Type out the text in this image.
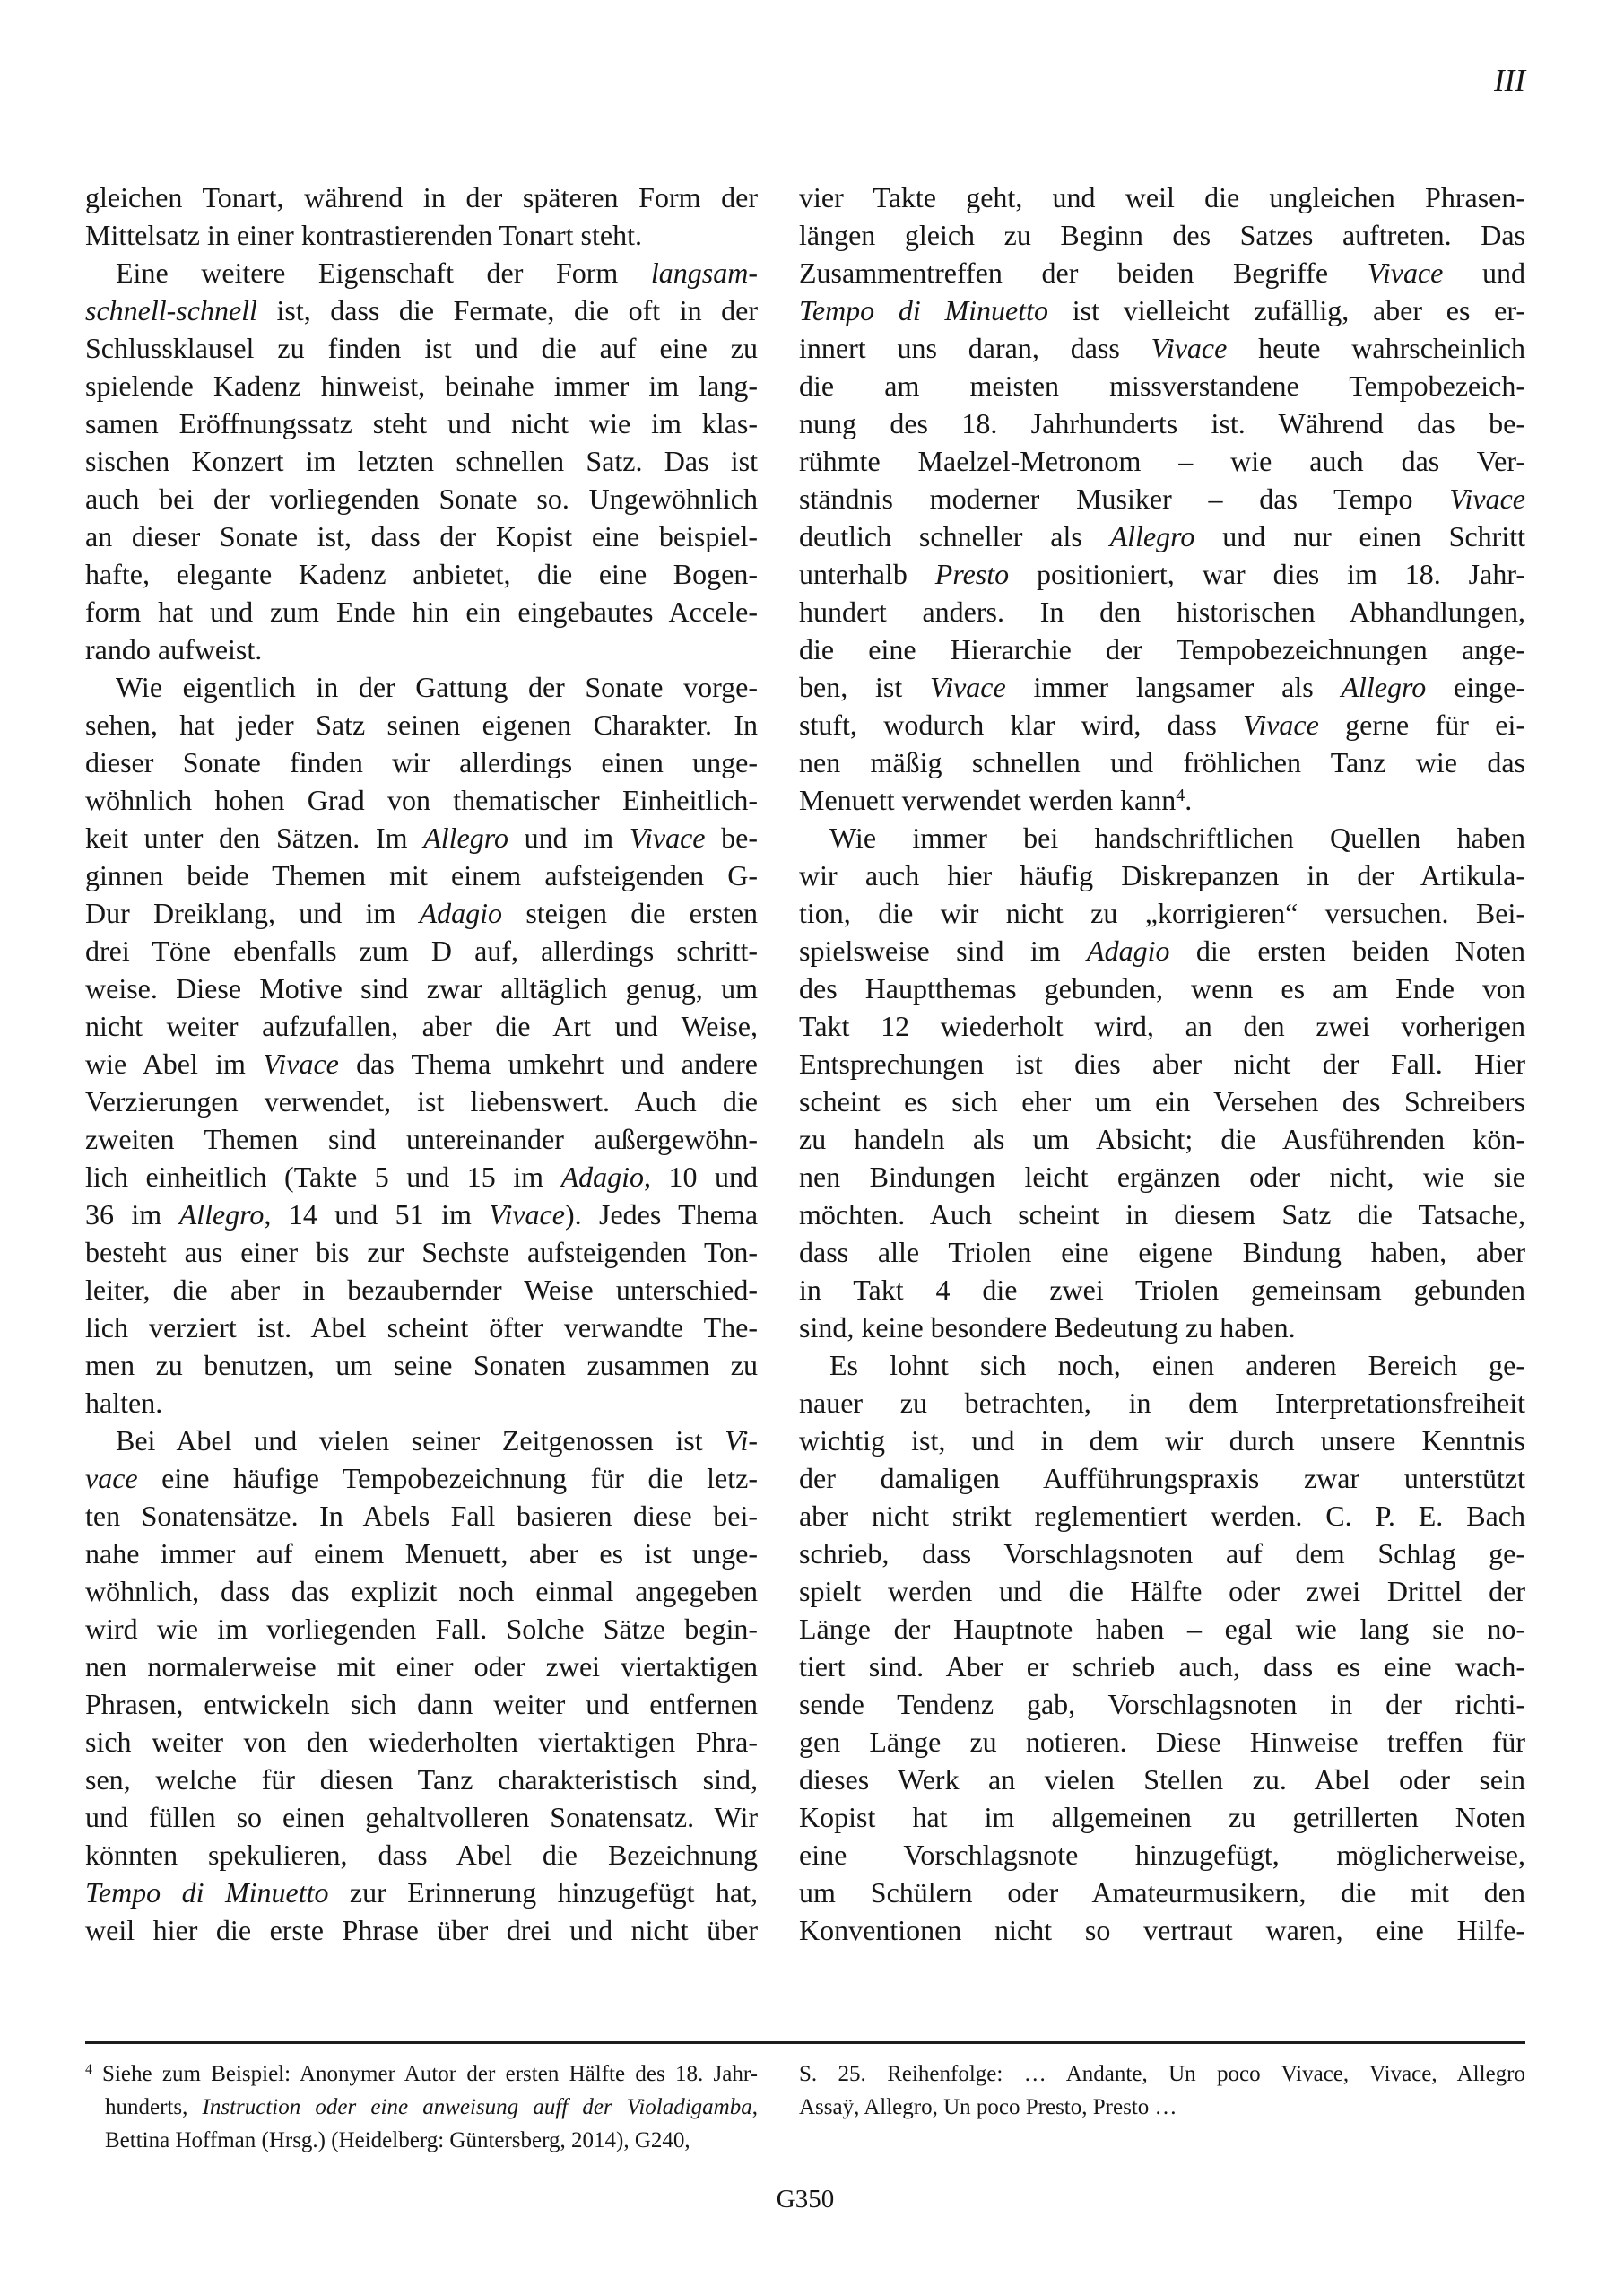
III
gleichen Tonart, während in der späteren Form der
Mittelsatz in einer kontrastierenden Tonart steht.
Eine weitere Eigenschaft der Form langsam-
schnell-schnell ist, dass die Fermate, die oft in der
Schlussklausel zu finden ist und die auf eine zu
spielende Kadenz hinweist, beinahe immer im lang-
samen Eröffnungssatz steht und nicht wie im klas-
sischen Konzert im letzten schnellen Satz. Das ist
auch bei der vorliegenden Sonate so. Ungewöhnlich
an dieser Sonate ist, dass der Kopist eine beispiel-
hafte, elegante Kadenz anbietet, die eine Bogen-
form hat und zum Ende hin ein eingebautes Accele-
rando aufweist.
Wie eigentlich in der Gattung der Sonate vorge-
sehen, hat jeder Satz seinen eigenen Charakter. In
dieser Sonate finden wir allerdings einen unge-
wöhnlich hohen Grad von thematischer Einheitlich-
keit unter den Sätzen. Im Allegro und im Vivace be-
ginnen beide Themen mit einem aufsteigenden G-
Dur Dreiklang, und im Adagio steigen die ersten
drei Töne ebenfalls zum D auf, allerdings schritt-
weise. Diese Motive sind zwar alltäglich genug, um
nicht weiter aufzufallen, aber die Art und Weise,
wie Abel im Vivace das Thema umkehrt und andere
Verzierungen verwendet, ist liebenswert. Auch die
zweiten Themen sind untereinander außergewöhn-
lich einheitlich (Takte 5 und 15 im Adagio, 10 und
36 im Allegro, 14 und 51 im Vivace). Jedes Thema
besteht aus einer bis zur Sechste aufsteigenden Ton-
leiter, die aber in bezaubernder Weise unterschied-
lich verziert ist. Abel scheint öfter verwandte The-
men zu benutzen, um seine Sonaten zusammen zu
halten.
Bei Abel und vielen seiner Zeitgenossen ist Vi-
vace eine häufige Tempobezeichnung für die letz-
ten Sonatensätze. In Abels Fall basieren diese bei-
nahe immer auf einem Menuett, aber es ist unge-
wöhnlich, dass das explizit noch einmal angegeben
wird wie im vorliegenden Fall. Solche Sätze begin-
nen normalerweise mit einer oder zwei viertaktigen
Phrasen, entwickeln sich dann weiter und entfernen
sich weiter von den wiederholten viertaktigen Phra-
sen, welche für diesen Tanz charakteristisch sind,
und füllen so einen gehaltvolleren Sonatensatz. Wir
könnten spekulieren, dass Abel die Bezeichnung
Tempo di Minuetto zur Erinnerung hinzugefügt hat,
weil hier die erste Phrase über drei und nicht über
vier Takte geht, und weil die ungleichen Phrasen-
längen gleich zu Beginn des Satzes auftreten. Das
Zusammentreffen der beiden Begriffe Vivace und
Tempo di Minuetto ist vielleicht zufällig, aber es er-
innert uns daran, dass Vivace heute wahrscheinlich
die am meisten missverstandene Tempobezeich-
nung des 18. Jahrhunderts ist. Während das be-
rühmte Maelzel-Metronom – wie auch das Ver-
ständnis moderner Musiker – das Tempo Vivace
deutlich schneller als Allegro und nur einen Schritt
unterhalb Presto positioniert, war dies im 18. Jahr-
hundert anders. In den historischen Abhandlungen,
die eine Hierarchie der Tempobezeichnungen ange-
ben, ist Vivace immer langsamer als Allegro einge-
stuft, wodurch klar wird, dass Vivace gerne für ei-
nen mäßig schnellen und fröhlichen Tanz wie das
Menuett verwendet werden kann$^4$.
Wie immer bei handschriftlichen Quellen haben
wir auch hier häufig Diskrepanzen in der Artikula-
tion, die wir nicht zu „korrigieren“ versuchen. Bei-
spielsweise sind im Adagio die ersten beiden Noten
des Hauptthemas gebunden, wenn es am Ende von
Takt 12 wiederholt wird, an den zwei vorherigen
Entsprechungen ist dies aber nicht der Fall. Hier
scheint es sich eher um ein Versehen des Schreibers
zu handeln als um Absicht; die Ausführenden kön-
nen Bindungen leicht ergänzen oder nicht, wie sie
möchten. Auch scheint in diesem Satz die Tatsache,
dass alle Triolen eine eigene Bindung haben, aber
in Takt 4 die zwei Triolen gemeinsam gebunden
sind, keine besondere Bedeutung zu haben.
Es lohnt sich noch, einen anderen Bereich ge-
nauer zu betrachten, in dem Interpretationsfreiheit
wichtig ist, und in dem wir durch unsere Kenntnis
der damaligen Aufführungspraxis zwar unterstützt
aber nicht strikt reglementiert werden. C. P. E. Bach
schrieb, dass Vorschlagsnoten auf dem Schlag ge-
spielt werden und die Hälfte oder zwei Drittel der
Länge der Hauptnote haben – egal wie lang sie no-
tiert sind. Aber er schrieb auch, dass es eine wach-
sende Tendenz gab, Vorschlagsnoten in der richti-
gen Länge zu notieren. Diese Hinweise treffen für
dieses Werk an vielen Stellen zu. Abel oder sein
Kopist hat im allgemeinen zu getrillerten Noten
eine Vorschlagsnote hinzugefügt, möglicherweise,
um Schülern oder Amateurmusikern, die mit den
Konventionen nicht so vertraut waren, eine Hilfe-
$^4$ Siehe zum Beispiel: Anonymer Autor der ersten Hälfte des 18. Jahr-
hunderts, Instruction oder eine anweisung auff der Violadigamba,
Bettina Hoffman (Hrsg.) (Heidelberg: Güntersberg, 2014), G240,
S. 25. Reihenfolge: … Andante, Un poco Vivace, Vivace, Allegro
Assaÿ, Allegro, Un poco Presto, Presto …
G350
